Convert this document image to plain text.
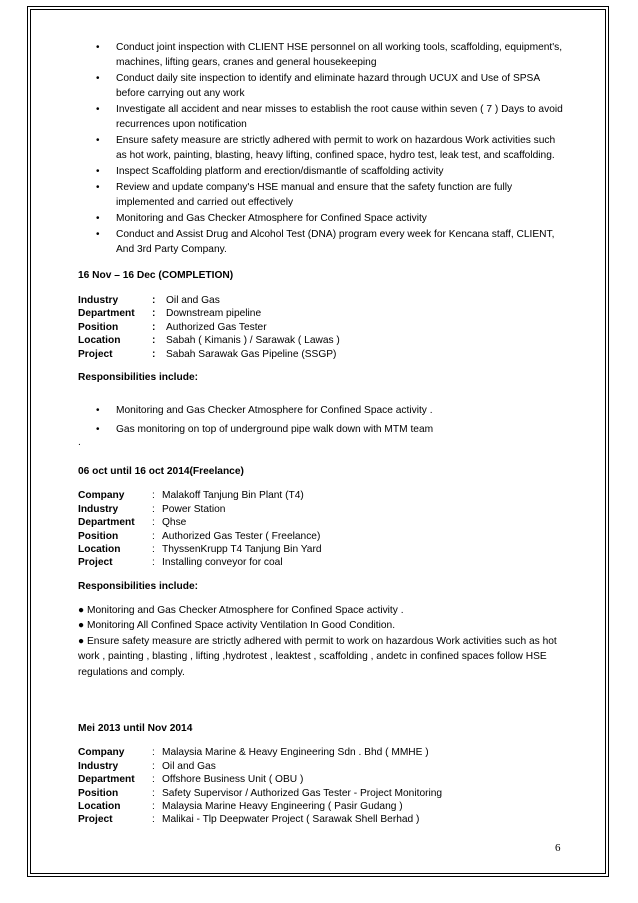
• Conduct joint inspection with CLIENT HSE personnel on all working tools, scaffolding, equipment's, machines, lifting gears, cranes and general housekeeping
• Conduct daily site inspection to identify and eliminate hazard through UCUX and Use of SPSA before carrying out any work
• Investigate all accident and near misses to establish the root cause within seven ( 7 ) Days to avoid recurrences upon notification
• Ensure safety measure are strictly adhered with permit to work on hazardous Work activities such as hot work, painting, blasting, heavy lifting, confined space, hydro test, leak test, and scaffolding.
• Inspect Scaffolding platform and erection/dismantle of scaffolding activity
• Review and update company's HSE manual and ensure that the safety function are fully implemented and carried out effectively
• Monitoring and Gas Checker Atmosphere for Confined Space activity
• Conduct and Assist Drug and Alcohol Test (DNA) program every week for Kencana staff, CLIENT, And 3rd Party Company.
16 Nov – 16 Dec (COMPLETION)
Industry	:	Oil and Gas
Department	:	Downstream pipeline
Position	:	Authorized Gas Tester
Location	:	Sabah ( Kimanis ) / Sarawak ( Lawas )
Project	:	Sabah Sarawak Gas Pipeline (SSGP)
Responsibilities include:
• Monitoring and Gas Checker Atmosphere for Confined Space activity .
• Gas monitoring on top of underground pipe walk down with MTM team
.
06 oct until 16 oct 2014(Freelance)
Company	:	Malakoff Tanjung Bin Plant (T4)
Industry	:	Power Station
Department	:	Qhse
Position	:	Authorized Gas Tester ( Freelance)
Location	:	ThyssenKrupp T4 Tanjung Bin Yard
Project	:	Installing conveyor for coal
Responsibilities include:
● Monitoring and Gas Checker Atmosphere for Confined Space activity .
● Monitoring All Confined Space activity Ventilation In Good Condition.
● Ensure safety measure are strictly adhered with permit to work on hazardous Work activities such as hot work , painting , blasting , lifting ,hydrotest , leaktest , scaffolding , andetc in confined spaces follow HSE regulations and comply.
Mei 2013 until Nov 2014
Company	:	Malaysia Marine & Heavy Engineering Sdn . Bhd ( MMHE )
Industry	:	Oil and Gas
Department	:	Offshore Business Unit ( OBU )
Position	:	Safety Supervisor / Authorized Gas Tester - Project Monitoring
Location	:	Malaysia Marine Heavy Engineering ( Pasir Gudang )
Project	:	Malikai - Tlp Deepwater Project ( Sarawak Shell Berhad )
6
